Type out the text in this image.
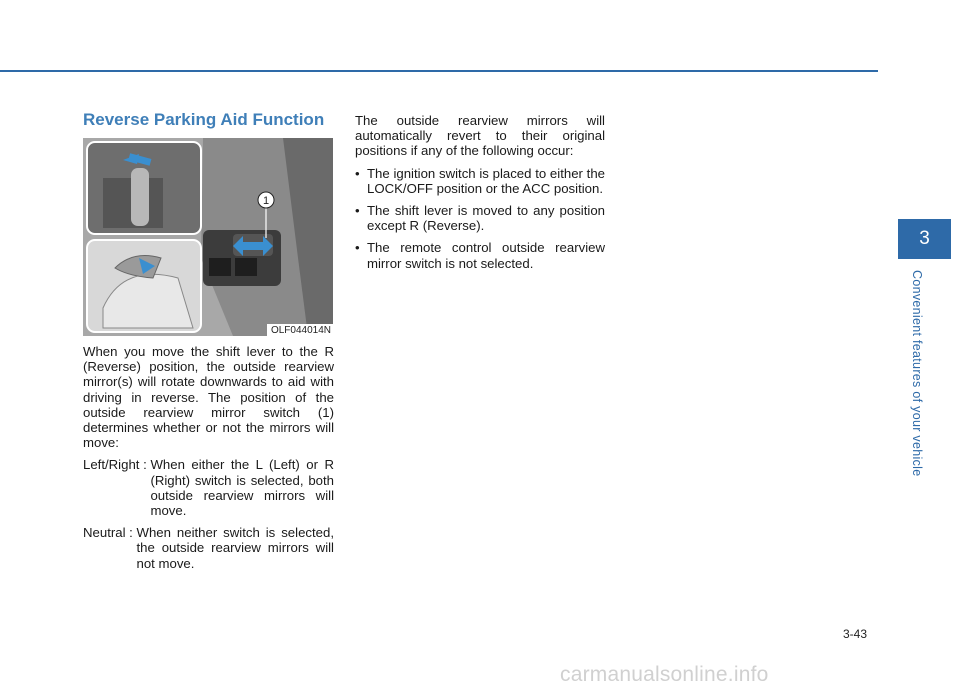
Reverse Parking Aid Function
1
OLF044014N

When you move the shift lever to the R (Reverse) position, the outside rearview mirror(s) will rotate downwards to aid with driving in reverse. The position of the outside rearview mirror switch (1) determines whether or not the mirrors will move:

Left/Right : When either the L (Left) or R (Right) switch is selected, both outside rearview mirrors will move.
Neutral : When neither switch is selected, the outside rearview mirrors will not move.

The outside rearview mirrors will automatically revert to their original positions if any of the following occur:

• The ignition switch is placed to either the LOCK/OFF position or the ACC position.
• The shift lever is moved to any position except R (Reverse).
• The remote control outside rearview mirror switch is not selected.
3
Convenient features of your vehicle
3-43
carmanualsonline.info
